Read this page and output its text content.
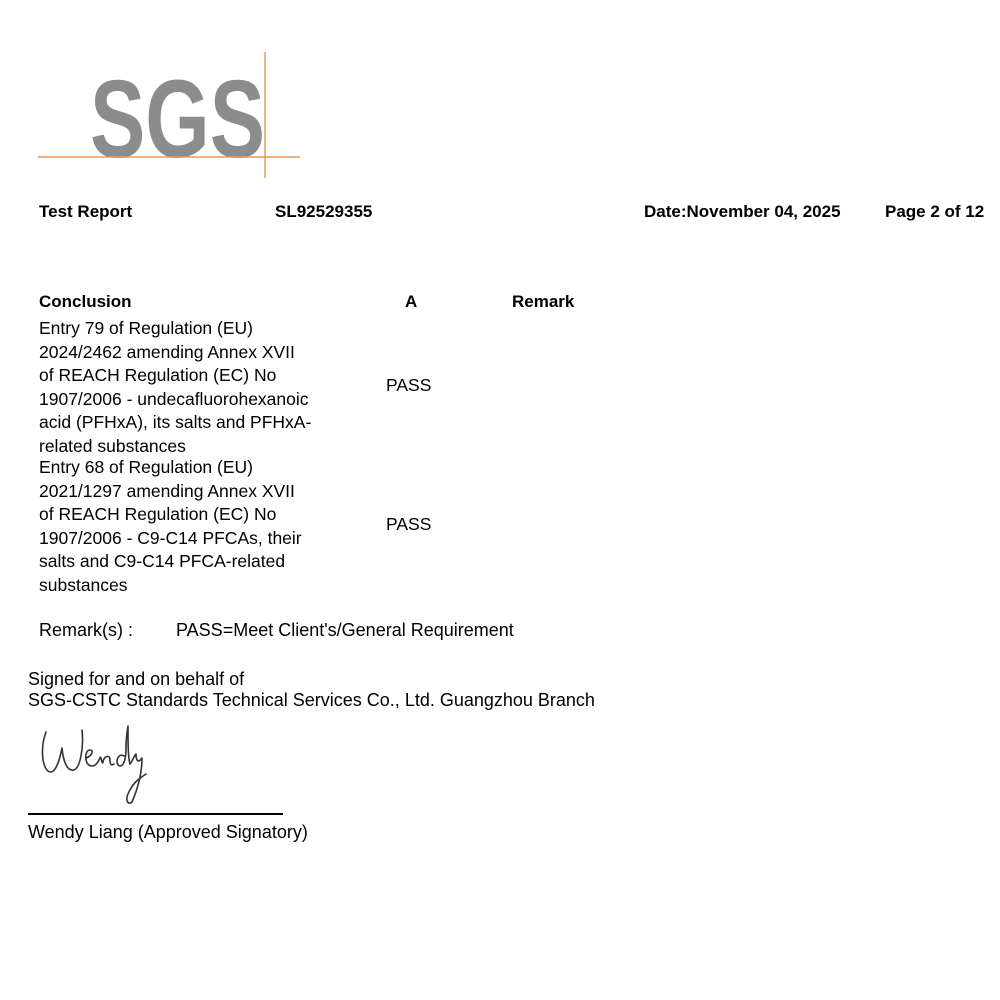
SGS
Test Report	SL92529355	Date:November 04, 2025	Page 2 of 12
Conclusion	A	Remark
Entry 79 of Regulation (EU)
2024/2462 amending Annex XVII
of REACH Regulation (EC) No
1907/2006 - undecafluorohexanoic
acid (PFHxA), its salts and PFHxA-
related substances
PASS
Entry 68 of Regulation (EU)
2021/1297 amending Annex XVII
of REACH Regulation (EC) No
1907/2006 - C9-C14 PFCAs, their
salts and C9-C14 PFCA-related
substances
PASS
Remark(s) : PASS=Meet Client's/General Requirement
Signed for and on behalf of
SGS-CSTC Standards Technical Services Co., Ltd. Guangzhou Branch
Wendy Liang (Approved Signatory)
